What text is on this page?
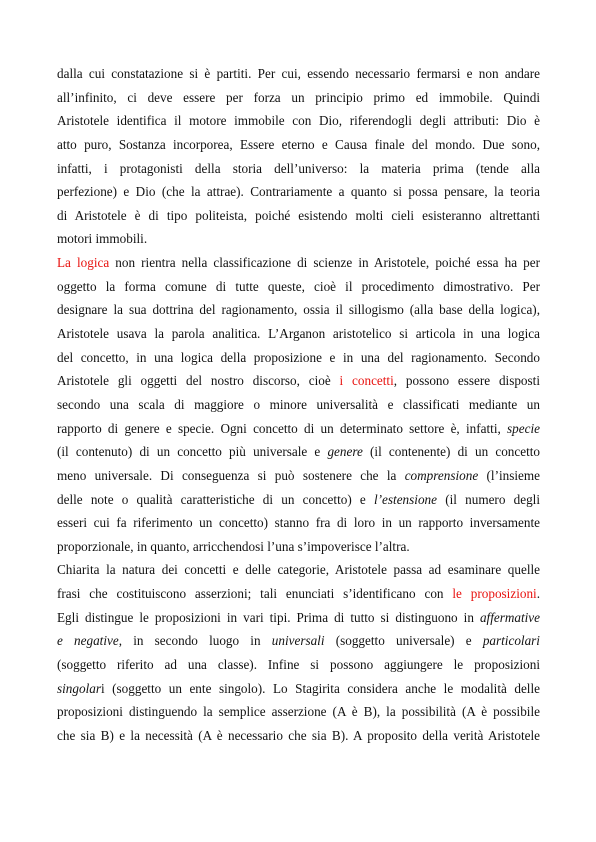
dalla cui constatazione si è partiti. Per cui, essendo necessario fermarsi e non andare
all’infinito, ci deve essere per forza un principio primo ed immobile. Quindi
Aristotele identifica il motore immobile con Dio, riferendogli degli attributi: Dio è
atto puro, Sostanza incorporea, Essere eterno e Causa finale del mondo. Due sono,
infatti, i protagonisti della storia dell’universo: la materia prima (tende alla
perfezione) e Dio (che la attrae). Contrariamente a quanto si possa pensare, la teoria
di Aristotele è di tipo politeista, poiché esistendo molti cieli esisteranno altrettanti
motori immobili.
La logica non rientra nella classificazione di scienze in Aristotele, poiché essa ha per
oggetto la forma comune di tutte queste, cioè il procedimento dimostrativo. Per
designare la sua dottrina del ragionamento, ossia il sillogismo (alla base della logica),
Aristotele usava la parola analitica. L’Arganon aristotelico si articola in una logica
del concetto, in una logica della proposizione e in una del ragionamento. Secondo
Aristotele gli oggetti del nostro discorso, cioè i concetti, possono essere disposti
secondo una scala di maggiore o minore universalità e classificati mediante un
rapporto di genere e specie. Ogni concetto di un determinato settore è, infatti, specie
(il contenuto) di un concetto più universale e genere (il contenente) di un concetto
meno universale. Di conseguenza si può sostenere che la comprensione (l’insieme
delle note o qualità caratteristiche di un concetto) e l’estensione (il numero degli
esseri cui fa riferimento un concetto) stanno fra di loro in un rapporto inversamente
proporzionale, in quanto, arricchendosi l’una s’impoverisce l’altra.
Chiarita la natura dei concetti e delle categorie, Aristotele passa ad esaminare quelle
frasi che costituiscono asserzioni; tali enunciati s’identificano con le proposizioni.
Egli distingue le proposizioni in vari tipi. Prima di tutto si distinguono in affermative
e negative, in secondo luogo in universali (soggetto universale) e particolari
(soggetto riferito ad una classe). Infine si possono aggiungere le proposizioni
singolari (soggetto un ente singolo). Lo Stagirita considera anche le modalità delle
proposizioni distinguendo la semplice asserzione (A è B), la possibilità (A è possibile
che sia B) e la necessità (A è necessario che sia B). A proposito della verità Aristotele
